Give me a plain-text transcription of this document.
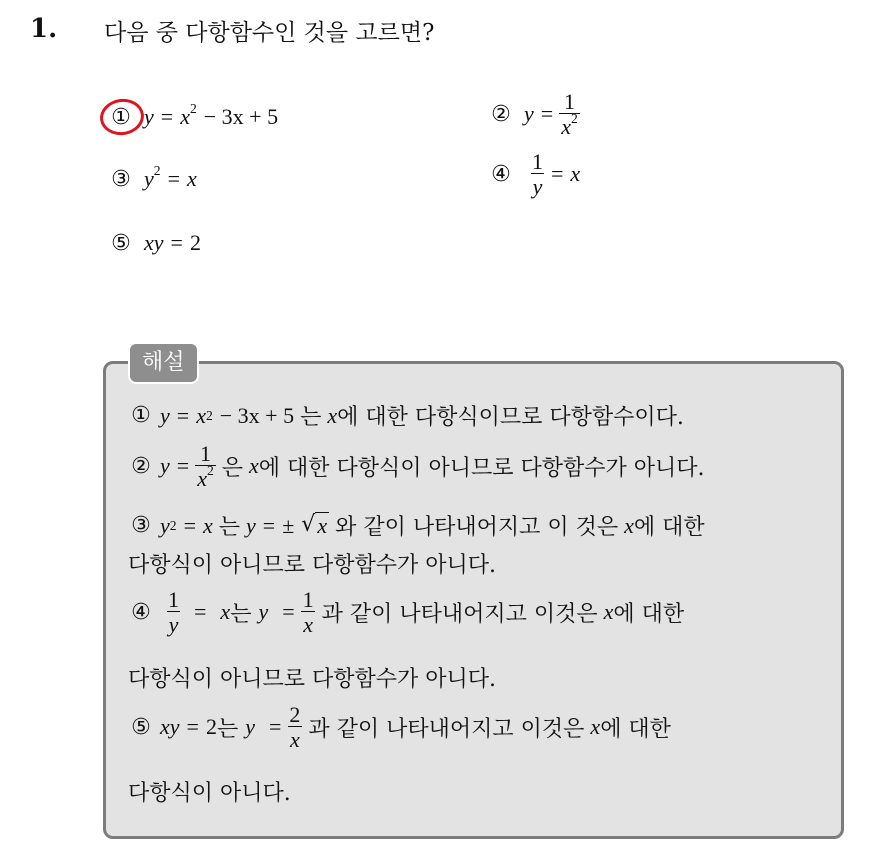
1. 다음 중 다항함수인 것을 고르면?
① $y = x^2 - 3x + 5$	② y
= $\frac{1}{x^2}$
③ $y^2 = x$	④ $\frac{1}{y}$ =
x
⑤ xy = 2
해설
① y
=
x 2
− 3x + 5 는 x 에 대한 다항식이므로 다항함수이다.
② y
= $\frac{1}{x^2}$ 은 x 에 대한 다항식이 아니므로 다항함수가 아니다.
③ y 2
=
x 는 y
=
±
√ x 와 같이 나타내어지고 이 것은 x 에 대한
다항식이 아니므로 다항함수가 아니다.
④ $\frac{1}{y}$
=
x 는
y
= $\frac{1}{x}$ 과 같이 나타내어지고 이것은 x 에 대한
다항식이 아니므로 다항함수가 아니다.
⑤ xy
=
2 는
y
= $\frac{2}{x}$ 과 같이 나타내어지고 이것은 x 에 대한
다항식이 아니다.
